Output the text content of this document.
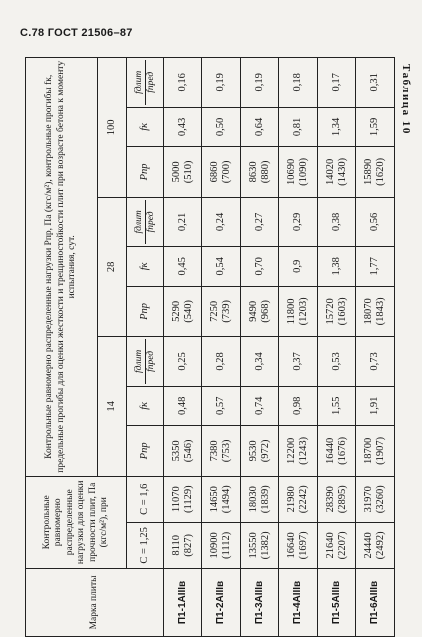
С.78 ГОСТ 21506–87
Таблица 10
Марка плиты	Контрольные равномерно распределенные нагрузки для оценки прочности плит, Па (кгс/м²), при		Контрольные равномерно распределенные нагрузки Pпр, Па (кгс/м²), контрольные прогибы fк, предельные прогибы для оценки жесткости и трещиностойкости плит при возрасте бетона к моменту испытания, сут.								
			14			28			100		
	C = 1,25	C = 1,6	Pпр	fк	fдлит fпред	Pпр	fк	fдлит fпред	Pпр	fк	fдлит fпред

П1-1АIIIв	8110 (827)	11070 (1129)	5350 (546)	0,48	0,25	5290 (540)	0,45	0,21	5000 (510)	0,43	0,16

П1-2АIIIв	10900 (1112)	14650 (1494)	7380 (753)	0,57	0,28	7250 (739)	0,54	0,24	6860 (700)	0,50	0,19

П1-3АIIIв	13550 (1382)	18030 (1839)	9530 (972)	0,74	0,34	9490 (968)	0,70	0,27	8630 (880)	0,64	0,19

П1-4АIIIв	16640 (1697)	21980 (2242)	12200 (1243)	0,98	0,37	11800 (1203)	0,9	0,29	10690 (1090)	0,81	0,18

П1-5АIIIв	21640 (2207)	28390 (2895)	16440 (1676)	1,55	0,53	15720 (1603)	1,38	0,38	14020 (1430)	1,34	0,17

П1-6АIIIв	24440 (2492)	31970 (3260)	18700 (1907)	1,91	0,73	18070 (1843)	1,77	0,56	15890 (1620)	1,59	0,31
